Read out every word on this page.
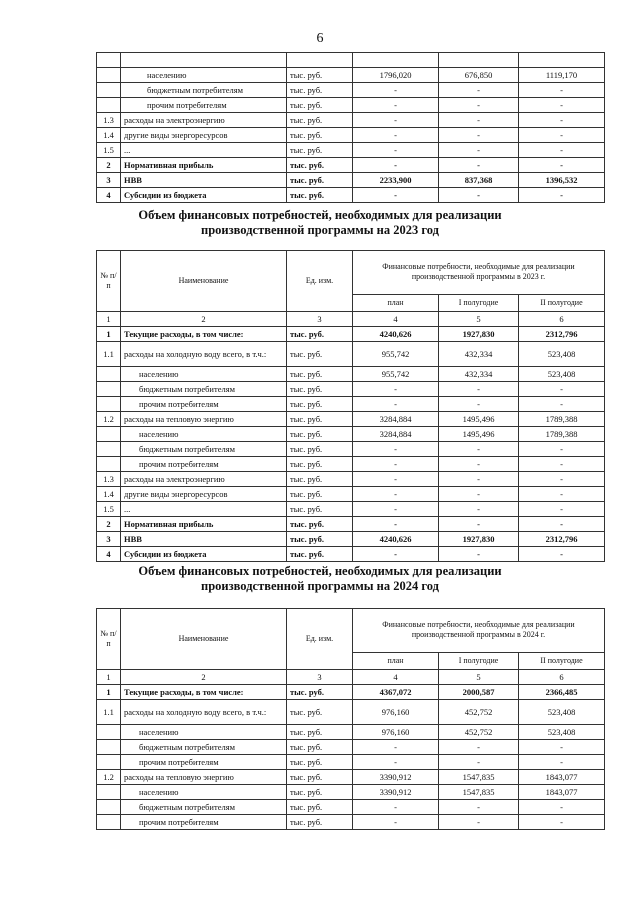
6

	населению	тыс. руб.	1796,020	676,850	1119,170
	бюджетным потребителям	тыс. руб.	-	-	-
	прочим потребителям	тыс. руб.	-	-	-
1.3	расходы на электроэнергию	тыс. руб.	-	-	-
1.4	другие виды энергоресурсов	тыс. руб.	-	-	-
1.5	...	тыс. руб.	-	-	-
2	Нормативная прибыль	тыс. руб.	-	-	-
3	НВВ	тыс. руб.	2233,900	837,368	1396,532
4	Субсидии из бюджета	тыс. руб.	-	-	-
Объем финансовых потребностей, необходимых для реализации
производственной программы на 2023 год
№ п/п	Наименование	Ед. изм.	Финансовые потребности, необходимые для реализации производственной программы в 2023 г.		
			план	I полугодие	II полугодие
1	2	3	4	5	6
1	Текущие расходы, в том числе:	тыс. руб.	4240,626	1927,830	2312,796
1.1	расходы на холодную воду всего, в т.ч.:	тыс. руб.	955,742	432,334	523,408
	населению	тыс. руб.	955,742	432,334	523,408
	бюджетным потребителям	тыс. руб.	-	-	-
	прочим потребителям	тыс. руб.	-	-	-
1.2	расходы на тепловую энергию	тыс. руб.	3284,884	1495,496	1789,388
	населению	тыс. руб.	3284,884	1495,496	1789,388
	бюджетным потребителям	тыс. руб.	-	-	-
	прочим потребителям	тыс. руб.	-	-	-
1.3	расходы на электроэнергию	тыс. руб.	-	-	-
1.4	другие виды энергоресурсов	тыс. руб.	-	-	-
1.5	...	тыс. руб.	-	-	-
2	Нормативная прибыль	тыс. руб.	-	-	-
3	НВВ	тыс. руб.	4240,626	1927,830	2312,796
4	Субсидии из бюджета	тыс. руб.	-	-	-
Объем финансовых потребностей, необходимых для реализации
производственной программы на 2024 год
№ п/п	Наименование	Ед. изм.	Финансовые потребности, необходимые для реализации производственной программы в 2024 г.		
			план	I полугодие	II полугодие
1	2	3	4	5	6
1	Текущие расходы, в том числе:	тыс. руб.	4367,072	2000,587	2366,485
1.1	расходы на холодную воду всего, в т.ч.:	тыс. руб.	976,160	452,752	523,408
	населению	тыс. руб.	976,160	452,752	523,408
	бюджетным потребителям	тыс. руб.	-	-	-
	прочим потребителям	тыс. руб.	-	-	-
1.2	расходы на тепловую энергию	тыс. руб.	3390,912	1547,835	1843,077
	населению	тыс. руб.	3390,912	1547,835	1843,077
	бюджетным потребителям	тыс. руб.	-	-	-
	прочим потребителям	тыс. руб.	-	-	-
